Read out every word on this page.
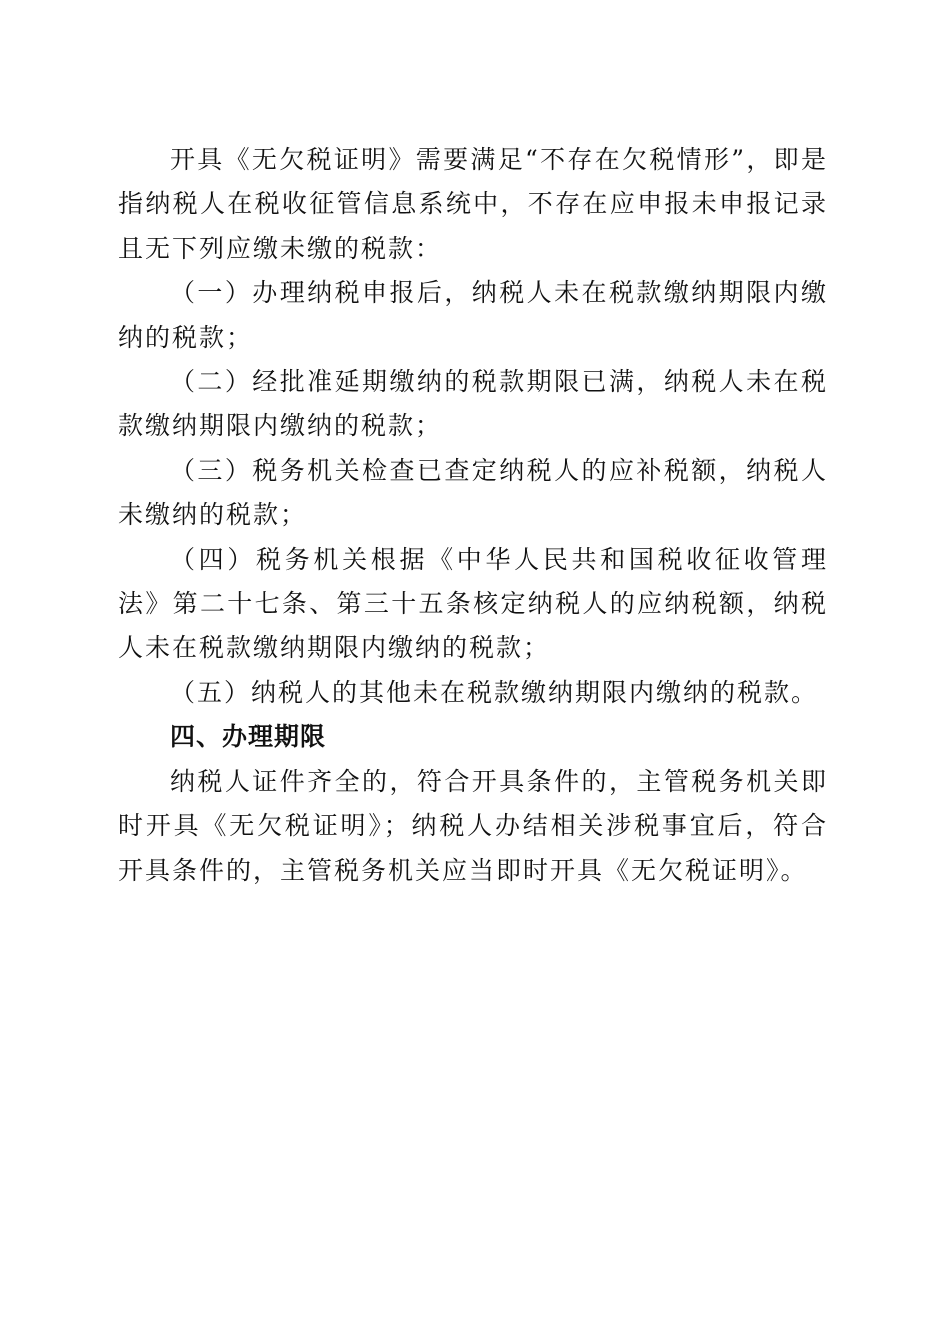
开具《无欠税证明》需要满足“不存在欠税情形”，即是指纳税人在税收征管信息系统中，不存在应申报未申报记录且无下列应缴未缴的税款：

（一）办理纳税申报后，纳税人未在税款缴纳期限内缴纳的税款；

（二）经批准延期缴纳的税款期限已满，纳税人未在税款缴纳期限内缴纳的税款；

（三）税务机关检查已查定纳税人的应补税额，纳税人未缴纳的税款；

（四）税务机关根据《中华人民共和国税收征收管理法》第二十七条、第三十五条核定纳税人的应纳税额，纳税人未在税款缴纳期限内缴纳的税款；

（五）纳税人的其他未在税款缴纳期限内缴纳的税款。

四、办理期限

纳税人证件齐全的，符合开具条件的，主管税务机关即时开具《无欠税证明》；纳税人办结相关涉税事宜后，符合开具条件的，主管税务机关应当即时开具《无欠税证明》。
